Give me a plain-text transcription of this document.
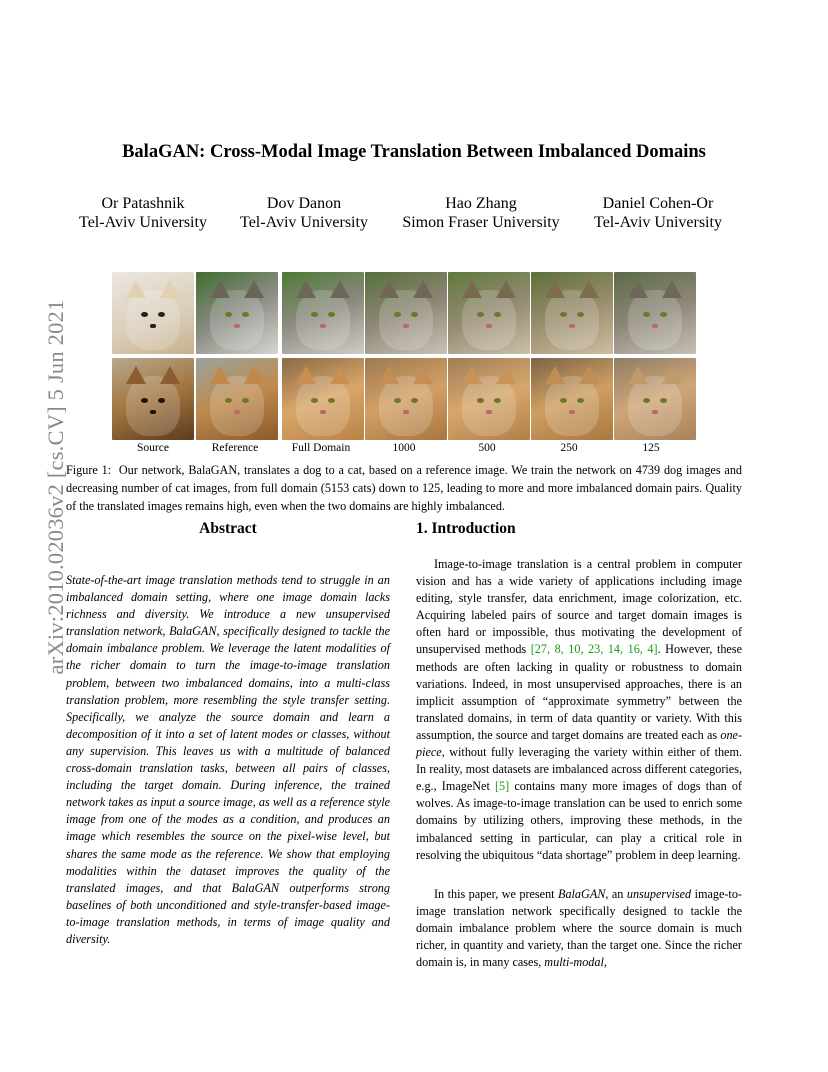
arXiv:2010.02036v2 [cs.CV] 5 Jun 2021
BalaGAN: Cross-Modal Image Translation Between Imbalanced Domains
Or Patashnik
Tel-Aviv University
Dov Danon
Tel-Aviv University
Hao Zhang
Simon Fraser University
Daniel Cohen-Or
Tel-Aviv University
Source	Reference	Full Domain	1000	500	250	125
Figure 1: Our network, BalaGAN, translates a dog to a cat, based on a reference image. We train the network on 4739 dog images and decreasing number of cat images, from full domain (5153 cats) down to 125, leading to more and more imbalanced domain pairs. Quality of the translated images remains high, even when the two domains are highly imbalanced.
Abstract	1. Introduction
State-of-the-art image translation methods tend to struggle in an imbalanced domain setting, where one image domain lacks richness and diversity. We introduce a new unsupervised translation network, BalaGAN, specifically designed to tackle the domain imbalance problem. We leverage the latent modalities of the richer domain to turn the image-to-image translation problem, between two imbalanced domains, into a multi-class translation problem, more resembling the style transfer setting. Specifically, we analyze the source domain and learn a decomposition of it into a set of latent modes or classes, without any supervision. This leaves us with a multitude of balanced cross-domain translation tasks, between all pairs of classes, including the target domain. During inference, the trained network takes as input a source image, as well as a reference style image from one of the modes as a condition, and produces an image which resembles the source on the pixel-wise level, but shares the same mode as the reference. We show that employing modalities within the dataset improves the quality of the translated images, and that BalaGAN outperforms strong baselines of both unconditioned and style-transfer-based image-to-image translation methods, in terms of image quality and diversity.

Image-to-image translation is a central problem in computer vision and has a wide variety of applications including image editing, style transfer, data enrichment, image colorization, etc. Acquiring labeled pairs of source and target domain images is often hard or impossible, thus motivating the development of unsupervised methods [27, 8, 10, 23, 14, 16, 4]. However, these methods are often lacking in quality or robustness to domain variations. Indeed, in most unsupervised approaches, there is an implicit assumption of “approximate symmetry” between the translated domains, in term of data quantity or variety. With this assumption, the source and target domains are treated each as one-piece, without fully leveraging the variety within either of them. In reality, most datasets are imbalanced across different categories, e.g., ImageNet [5] contains many more images of dogs than of wolves. As image-to-image translation can be used to enrich some domains by utilizing others, improving these methods, in the imbalanced setting in particular, can play a critical role in resolving the ubiquitous “data shortage” problem in deep learning.

In this paper, we present BalaGAN, an unsupervised image-to-image translation network specifically designed to tackle the domain imbalance problem where the source domain is much richer, in quantity and variety, than the target one. Since the richer domain is, in many cases, multi-modal,
